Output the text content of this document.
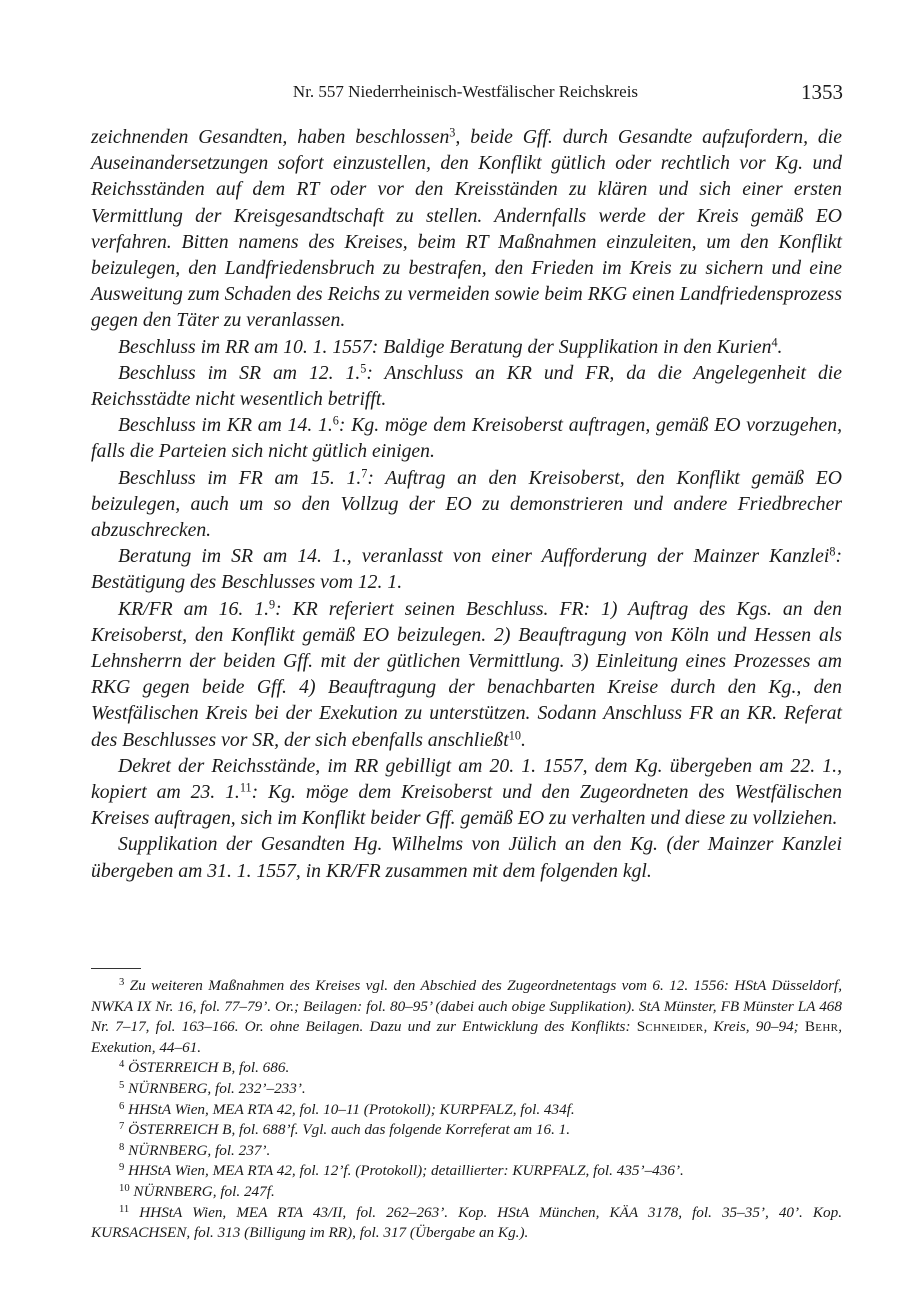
Nr. 557 Niederrheinisch-Westfälischer Reichskreis	1353

zeichnenden Gesandten, haben beschlossen$^3$, beide Gff. durch Gesandte aufzufordern, die Auseinandersetzungen sofort einzustellen, den Konflikt gütlich oder rechtlich vor Kg. und Reichsständen auf dem RT oder vor den Kreisständen zu klären und sich einer ersten Vermittlung der Kreisgesandtschaft zu stellen. Andernfalls werde der Kreis gemäß EO verfahren. Bitten namens des Kreises, beim RT Maßnahmen einzuleiten, um den Konflikt beizulegen, den Landfriedensbruch zu bestrafen, den Frieden im Kreis zu sichern und eine Ausweitung zum Schaden des Reichs zu vermeiden sowie beim RKG einen Landfriedensprozess gegen den Täter zu veranlassen.

Beschluss im RR am 10. 1. 1557: Baldige Beratung der Supplikation in den Kurien$^4$.

Beschluss im SR am 12. 1.$^5$: Anschluss an KR und FR, da die Angelegenheit die Reichsstädte nicht wesentlich betrifft.

Beschluss im KR am 14. 1.$^6$: Kg. möge dem Kreisoberst auftragen, gemäß EO vorzugehen, falls die Parteien sich nicht gütlich einigen.

Beschluss im FR am 15. 1.$^7$: Auftrag an den Kreisoberst, den Konflikt gemäß EO beizulegen, auch um so den Vollzug der EO zu demonstrieren und andere Friedbrecher abzuschrecken.

Beratung im SR am 14. 1., veranlasst von einer Aufforderung der Mainzer Kanzlei$^8$: Bestätigung des Beschlusses vom 12. 1.

KR/FR am 16. 1.$^9$: KR referiert seinen Beschluss. FR: 1) Auftrag des Kgs. an den Kreisoberst, den Konflikt gemäß EO beizulegen. 2) Beauftragung von Köln und Hessen als Lehnsherrn der beiden Gff. mit der gütlichen Vermittlung. 3) Einleitung eines Prozesses am RKG gegen beide Gff. 4) Beauftragung der benachbarten Kreise durch den Kg., den Westfälischen Kreis bei der Exekution zu unterstützen. Sodann Anschluss FR an KR. Referat des Beschlusses vor SR, der sich ebenfalls anschließt$^{10}$.

Dekret der Reichsstände, im RR gebilligt am 20. 1. 1557, dem Kg. übergeben am 22. 1., kopiert am 23. 1.11: Kg. möge dem Kreisoberst und den Zugeordneten des Westfälischen Kreises auftragen, sich im Konflikt beider Gff. gemäß EO zu verhalten und diese zu vollziehen.

Supplikation der Gesandten Hg. Wilhelms von Jülich an den Kg. (der Mainzer Kanzlei übergeben am 31. 1. 1557, in KR/FR zusammen mit dem folgenden kgl.

$^3$ Zu weiteren Maßnahmen des Kreises vgl. den Abschied des Zugeordnetentags vom 6. 12. 1556: HStA Düsseldorf, NWKA IX Nr. 16, fol. 77–79’. Or.; Beilagen: fol. 80–95’ (dabei auch obige Supplikation). StA Münster, FB Münster LA 468 Nr. 7–17, fol. 163–166. Or. ohne Beilagen. Dazu und zur Entwicklung des Konflikts: Schneider, Kreis, 90–94; Behr, Exekution, 44–61.

$^4$ ÖSTERREICH B, fol. 686.

$^5$ NÜRNBERG, fol. 232’–233’.

$^6$ HHStA Wien, MEA RTA 42, fol. 10–11 (Protokoll); KURPFALZ, fol. 434f.

$^7$ ÖSTERREICH B, fol. 688’f. Vgl. auch das folgende Korreferat am 16. 1.

$^8$ NÜRNBERG, fol. 237’.

$^9$ HHStA Wien, MEA RTA 42, fol. 12’f. (Protokoll); detaillierter: KURPFALZ, fol. 435’–436’.

$^{10}$ NÜRNBERG, fol. 247f.

$^{11}$ HHStA Wien, MEA RTA 43/II, fol. 262–263’. Kop. HStA München, KÄA 3178, fol. 35–35’, 40’. Kop. KURSACHSEN, fol. 313 (Billigung im RR), fol. 317 (Übergabe an Kg.).
